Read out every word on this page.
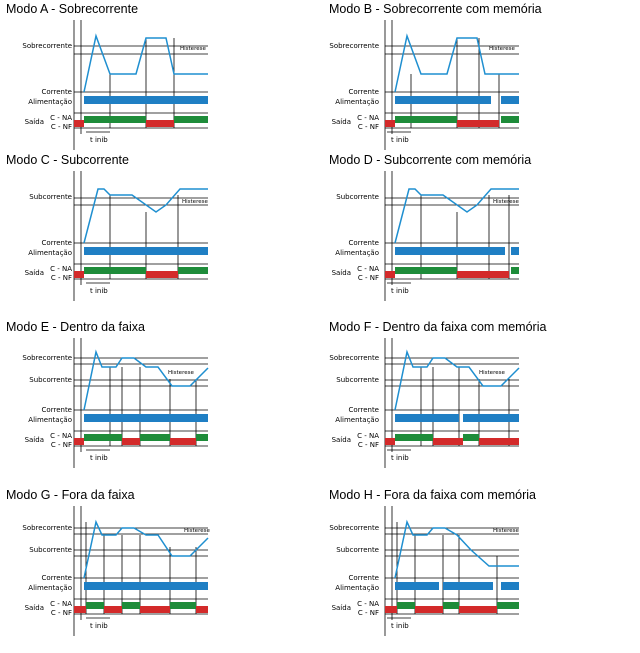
Modo A - Sobrecorrente
Sobrecorrente
Corrente
Alimentação
Saída C - NA
C - NF
t inib
Histerese
Modo B - Sobrecorrente com memória
Sobrecorrente
Corrente
Alimentação
Saída C - NA
C - NF
t inib
Histerese
Modo C - Subcorrente
Subcorrente
Corrente
Alimentação
Saída C - NA
C - NF
t inib
Histerese
Modo D - Subcorrente com memória
Subcorrente
Corrente
Alimentação
Saída C - NA
C - NF
t inib
Histerese
Modo E - Dentro da faixa
Sobrecorrente
Subcorrente
Corrente
Alimentação
Saída C - NA
C - NF
t inib
Histerese
Modo F - Dentro da faixa com memória
Sobrecorrente
Subcorrente
Corrente
Alimentação
Saída C - NA
C - NF
t inib
Histerese
Modo G - Fora da faixa
Sobrecorrente
Subcorrente
Corrente
Alimentação
Saída C - NA
C - NF
t inib
Histerese
Modo H - Fora da faixa com memória
Sobrecorrente
Subcorrente
Corrente
Alimentação
Saída C - NA
C - NF
t inib
Histerese
